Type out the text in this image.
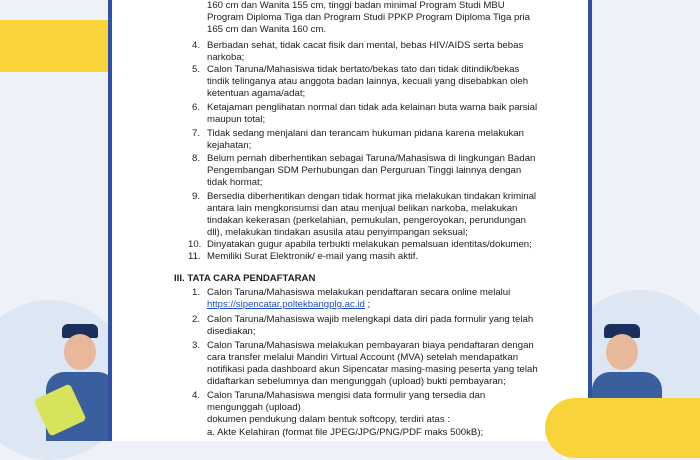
160 cm dan Wanita 155 cm, tinggi badan minimal Program Studi MBU
Program Diploma Tiga dan Program Studi PPKP Program Diploma Tiga pria
165 cm dan Wanita 160 cm.
4. Berbadan sehat, tidak cacat fisik dan mental, bebas HIV/AIDS serta bebas
narkoba;
5. Calon Taruna/Mahasiswa tidak bertato/bekas tato dan tidak ditindik/bekas
tindik telinganya atau anggota badan lainnya, kecuali yang disebabkan oleh
ketentuan agama/adat;
6. Ketajaman penglihatan normal dan tidak ada kelainan buta warna baik parsial
maupun total;
7. Tidak sedang menjalani dan terancam hukuman pidana karena melakukan
kejahatan;
8. Belum pernah diberhentikan sebagai Taruna/Mahasiswa di lingkungan Badan
Pengembangan SDM Perhubungan dan Perguruan Tinggi lainnya dengan
tidak hormat;
9. Bersedia diberhentikan dengan tidak hormat jika melakukan tindakan kriminal
antara lain mengkonsumsi dan atau menjual belikan narkoba, melakukan
tindakan kekerasan (perkelahian, pemukulan, pengeroyokan, perundungan
dll), melakukan tindakan asusila atau penyimpangan seksual;
10. Dinyatakan gugur apabila terbukti melakukan pemalsuan identitas/dokumen;
11. Memiliki Surat Elektronik/ e-mail yang masih aktif.
III. TATA CARA PENDAFTARAN
1. Calon Taruna/Mahasiswa melakukan pendaftaran secara online melalui
https://sipencatar.poltekbangplg.ac.id ;
2. Calon Taruna/Mahasiswa wajib melengkapi data diri pada formulir yang telah
disediakan;
3. Calon Taruna/Mahasiswa melakukan pembayaran biaya pendaftaran dengan
cara transfer melalui Mandiri Virtual Account (MVA) setelah mendapatkan
notifikasi pada dashboard akun Sipencatar masing-masing peserta yang telah
didaftarkan sebelumnya dan mengunggah (upload) bukti pembayaran;
4. Calon Taruna/Mahasiswa mengisi data formulir yang tersedia dan
mengunggah (upload)
dokumen pendukung dalam bentuk softcopy, terdiri atas :
a. Akte Kelahiran (format file JPEG/JPG/PNG/PDF maks 500kB);
